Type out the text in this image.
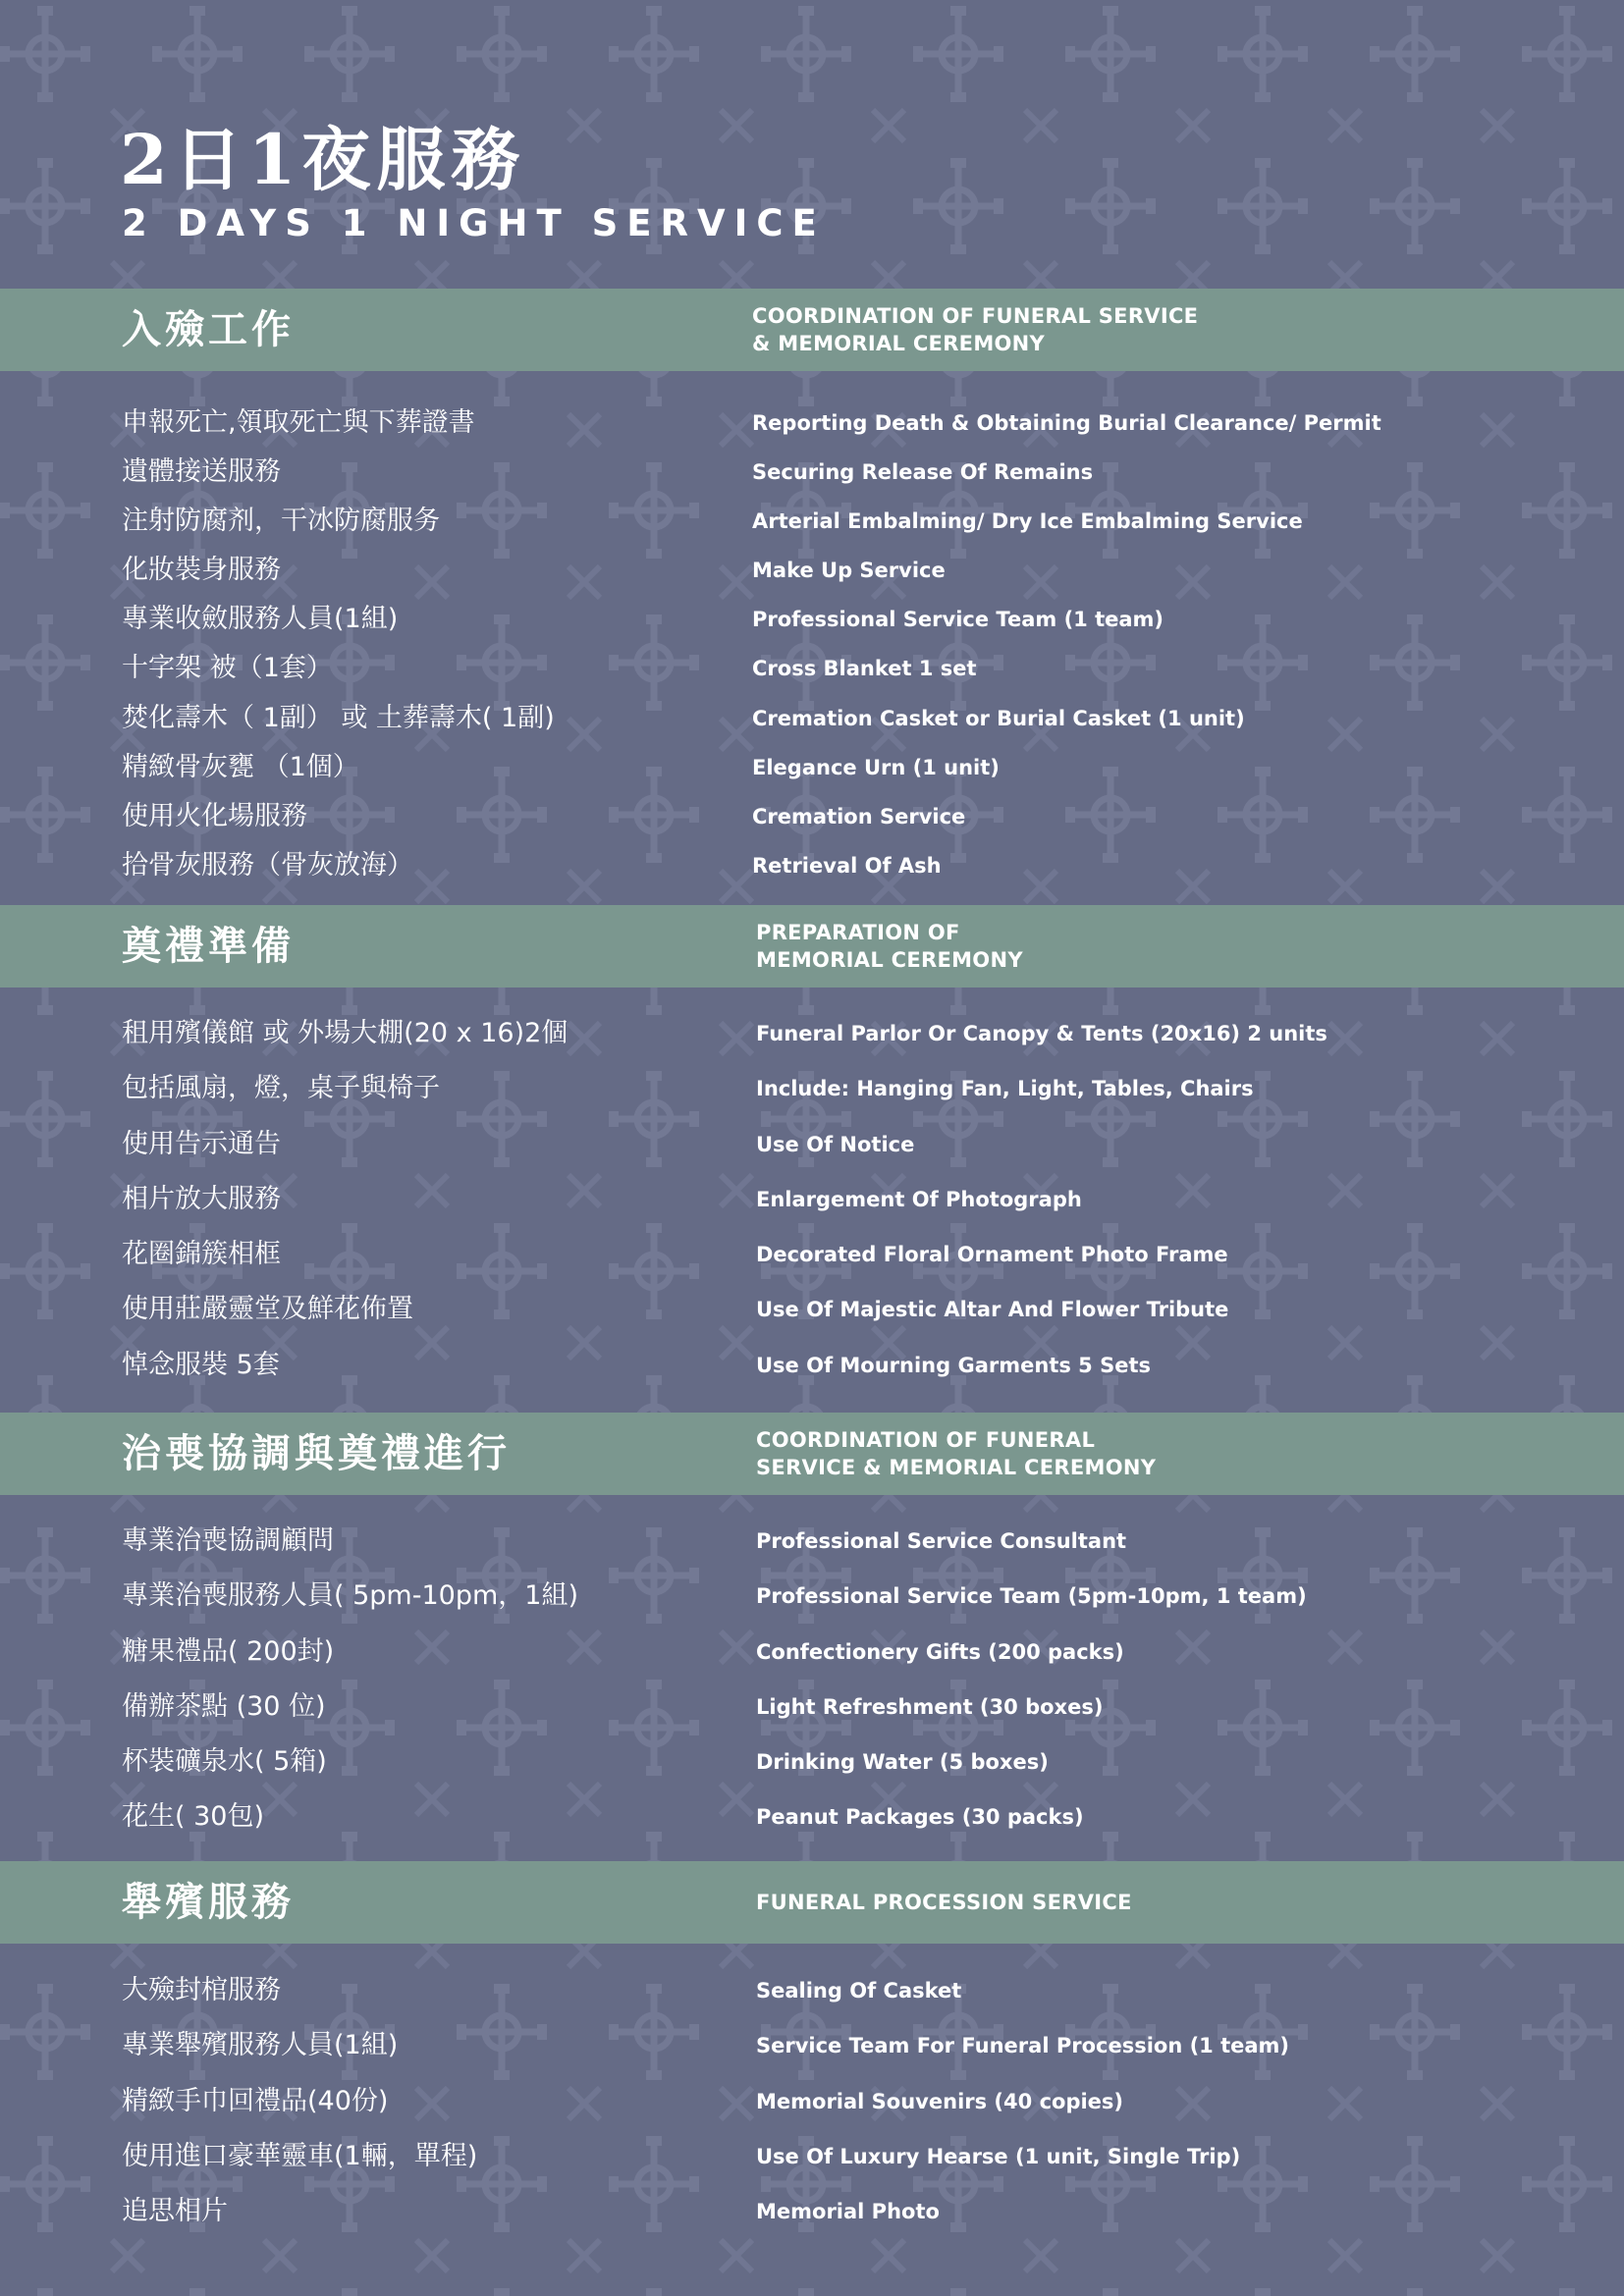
2日1夜服務
2 DAYS 1 NIGHT SERVICE
入殮工作	COORDINATION OF FUNERAL SERVICE
& MEMORIAL CEREMONY
申報死亡,領取死亡與下葬證書	Reporting Death & Obtaining Burial Clearance/ Permit
遺體接送服務	Securing Release Of Remains
注射防腐剂，干冰防腐服务	Arterial Embalming/ Dry Ice Embalming Service
化妝裝身服務	Make Up Service
專業收斂服務人員(1組)	Professional Service Team (1 team)
十字架 被（1套）	Cross Blanket 1 set
焚化壽木（ 1副） 或 土葬壽木( 1副)	Cremation Casket or Burial Casket (1 unit)
精緻骨灰甕 （1個）	Elegance Urn (1 unit)
使用火化場服務	Cremation Service
拾骨灰服務（骨灰放海）	Retrieval Of Ash
奠禮準備	PREPARATION OF
MEMORIAL CEREMONY
租用殯儀館 或 外場大棚(20 x 16)2個	Funeral Parlor Or Canopy & Tents (20x16) 2 units
包括風扇，燈，桌子與椅子	Include: Hanging Fan, Light, Tables, Chairs
使用告示通告	Use Of Notice
相片放大服務	Enlargement Of Photograph
花圈錦簇相框	Decorated Floral Ornament Photo Frame
使用莊嚴靈堂及鮮花佈置	Use Of Majestic Altar And Flower Tribute
悼念服裝 5套	Use Of Mourning Garments 5 Sets
治喪協調與奠禮進行	COORDINATION OF FUNERAL
SERVICE & MEMORIAL CEREMONY
專業治喪協調顧問	Professional Service Consultant
專業治喪服務人員( 5pm-10pm，1組)	Professional Service Team (5pm-10pm, 1 team)
糖果禮品( 200封)	Confectionery Gifts (200 packs)
備辦茶點 (30 位)	Light Refreshment (30 boxes)
杯裝礦泉水( 5箱)	Drinking Water (5 boxes)
花生( 30包)	Peanut Packages (30 packs)
舉殯服務	FUNERAL PROCESSION SERVICE
大殮封棺服務	Sealing Of Casket
專業舉殯服務人員(1組)	Service Team For Funeral Procession (1 team)
精緻手巾回禮品(40份)	Memorial Souvenirs (40 copies)
使用進口豪華靈車(1輛，單程)	Use Of Luxury Hearse (1 unit, Single Trip)
追思相片	Memorial Photo
